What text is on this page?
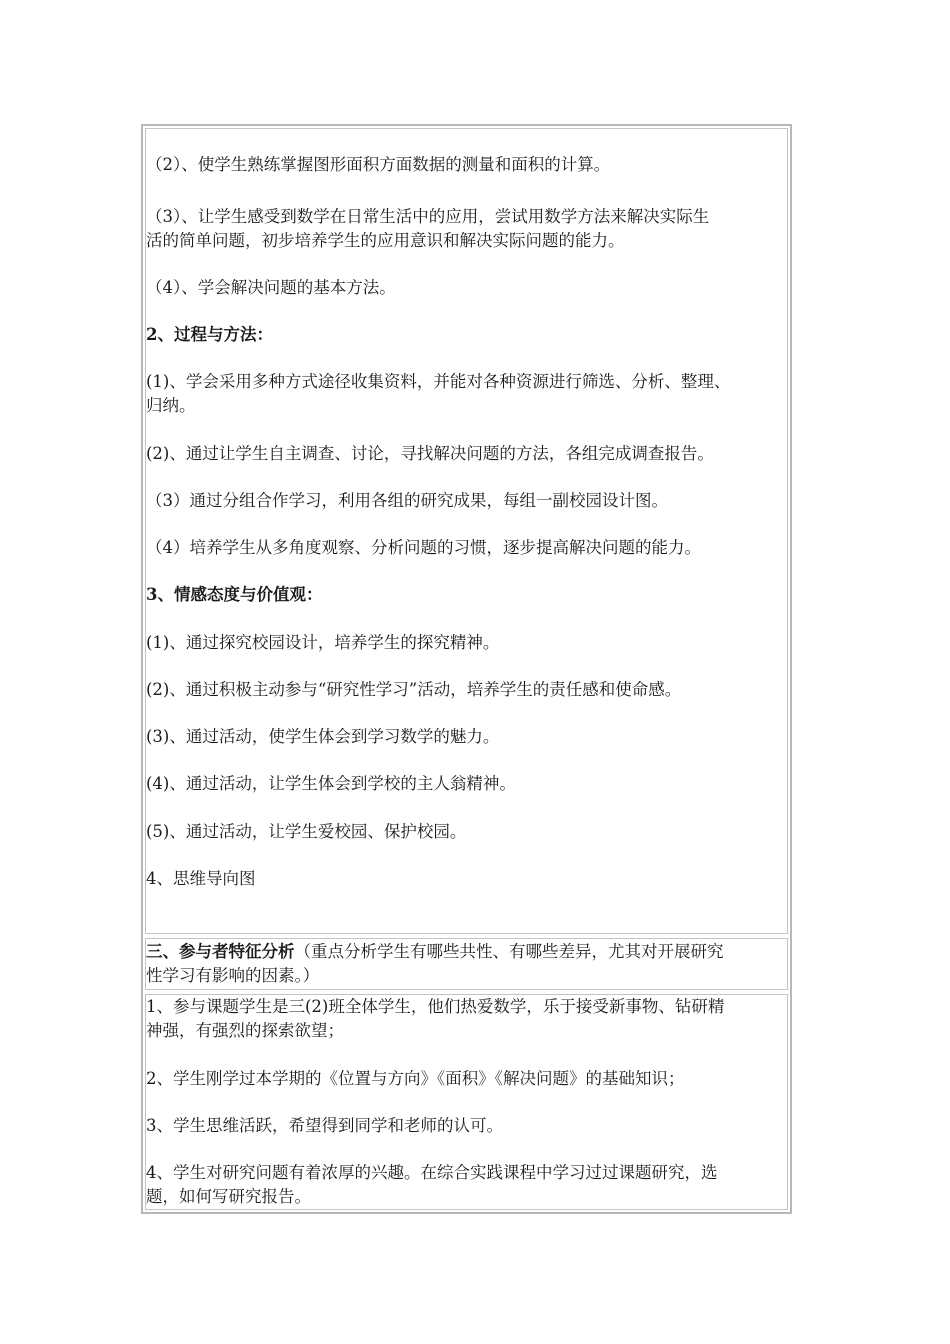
（2）、使学生熟练掌握图形面积方面数据的测量和面积的计算。
（3）、让学生感受到数学在日常生活中的应用，尝试用数学方法来解决实际生
活的简单问题，初步培养学生的应用意识和解决实际问题的能力。
（4）、学会解决问题的基本方法。
2、过程与方法：
(1)、学会采用多种方式途径收集资料，并能对各种资源进行筛选、分析、整理、
归纳。
(2)、通过让学生自主调查、讨论，寻找解决问题的方法，各组完成调查报告。
（3）通过分组合作学习，利用各组的研究成果，每组一副校园设计图。
（4）培养学生从多角度观察、分析问题的习惯，逐步提高解决问题的能力。
3、情感态度与价值观：
(1)、通过探究校园设计，培养学生的探究精神。
(2)、通过积极主动参与“研究性学习”活动，培养学生的责任感和使命感。
(3)、通过活动，使学生体会到学习数学的魅力。
(4)、通过活动，让学生体会到学校的主人翁精神。
(5)、通过活动，让学生爱校园、保护校园。
4、思维导向图
三、参与者特征分析（重点分析学生有哪些共性、有哪些差异，尤其对开展研究
性学习有影响的因素。）
1、参与课题学生是三(2)班全体学生，他们热爱数学，乐于接受新事物、钻研精
神强，有强烈的探索欲望；
2、学生刚学过本学期的《位置与方向》《面积》《解决问题》的基础知识；
3、学生思维活跃，希望得到同学和老师的认可。
4、学生对研究问题有着浓厚的兴趣。在综合实践课程中学习过过课题研究，选
题，如何写研究报告。
